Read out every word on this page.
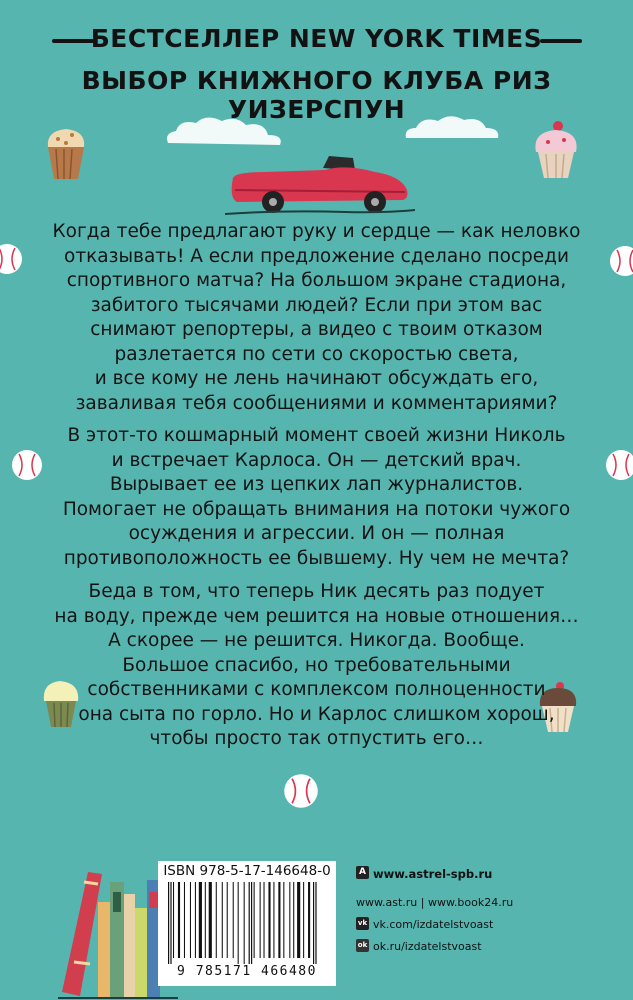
БЕСТСЕЛЛЕР NEW YORK TIMES
ВЫБОР КНИЖНОГО КЛУБА РИЗ УИЗЕРСПУН
Когда тебе предлагают руку и сердце — как неловко
отказывать! А если предложение сделано посреди
спортивного матча? На большом экране стадиона,
забитого тысячами людей? Если при этом вас
снимают репортеры, а видео с твоим отказом
разлетается по сети со скоростью света,
и все кому не лень начинают обсуждать его,
заваливая тебя сообщениями и комментариями?
В этот-то кошмарный момент своей жизни Николь
и встречает Карлоса. Он — детский врач.
Вырывает ее из цепких лап журналистов.
Помогает не обращать внимания на потоки чужого
осуждения и агрессии. И он — полная
противоположность ее бывшему. Ну чем не мечта?
Беда в том, что теперь Ник десять раз подует
на воду, прежде чем решится на новые отношения…
А скорее — не решится. Никогда. Вообще.
Большое спасибо, но требовательными
собственниками с комплексом полноценности
она сыта по горло. Но и Карлос слишком хорош,
чтобы просто так отпустить его…
ISBN 978-5-17-146648-0
9 785171 466480
A www.astrel-spb.ru
www.ast.ru | www.book24.ru
vk vk.com/izdatelstvoast
ok ok.ru/izdatelstvoast
